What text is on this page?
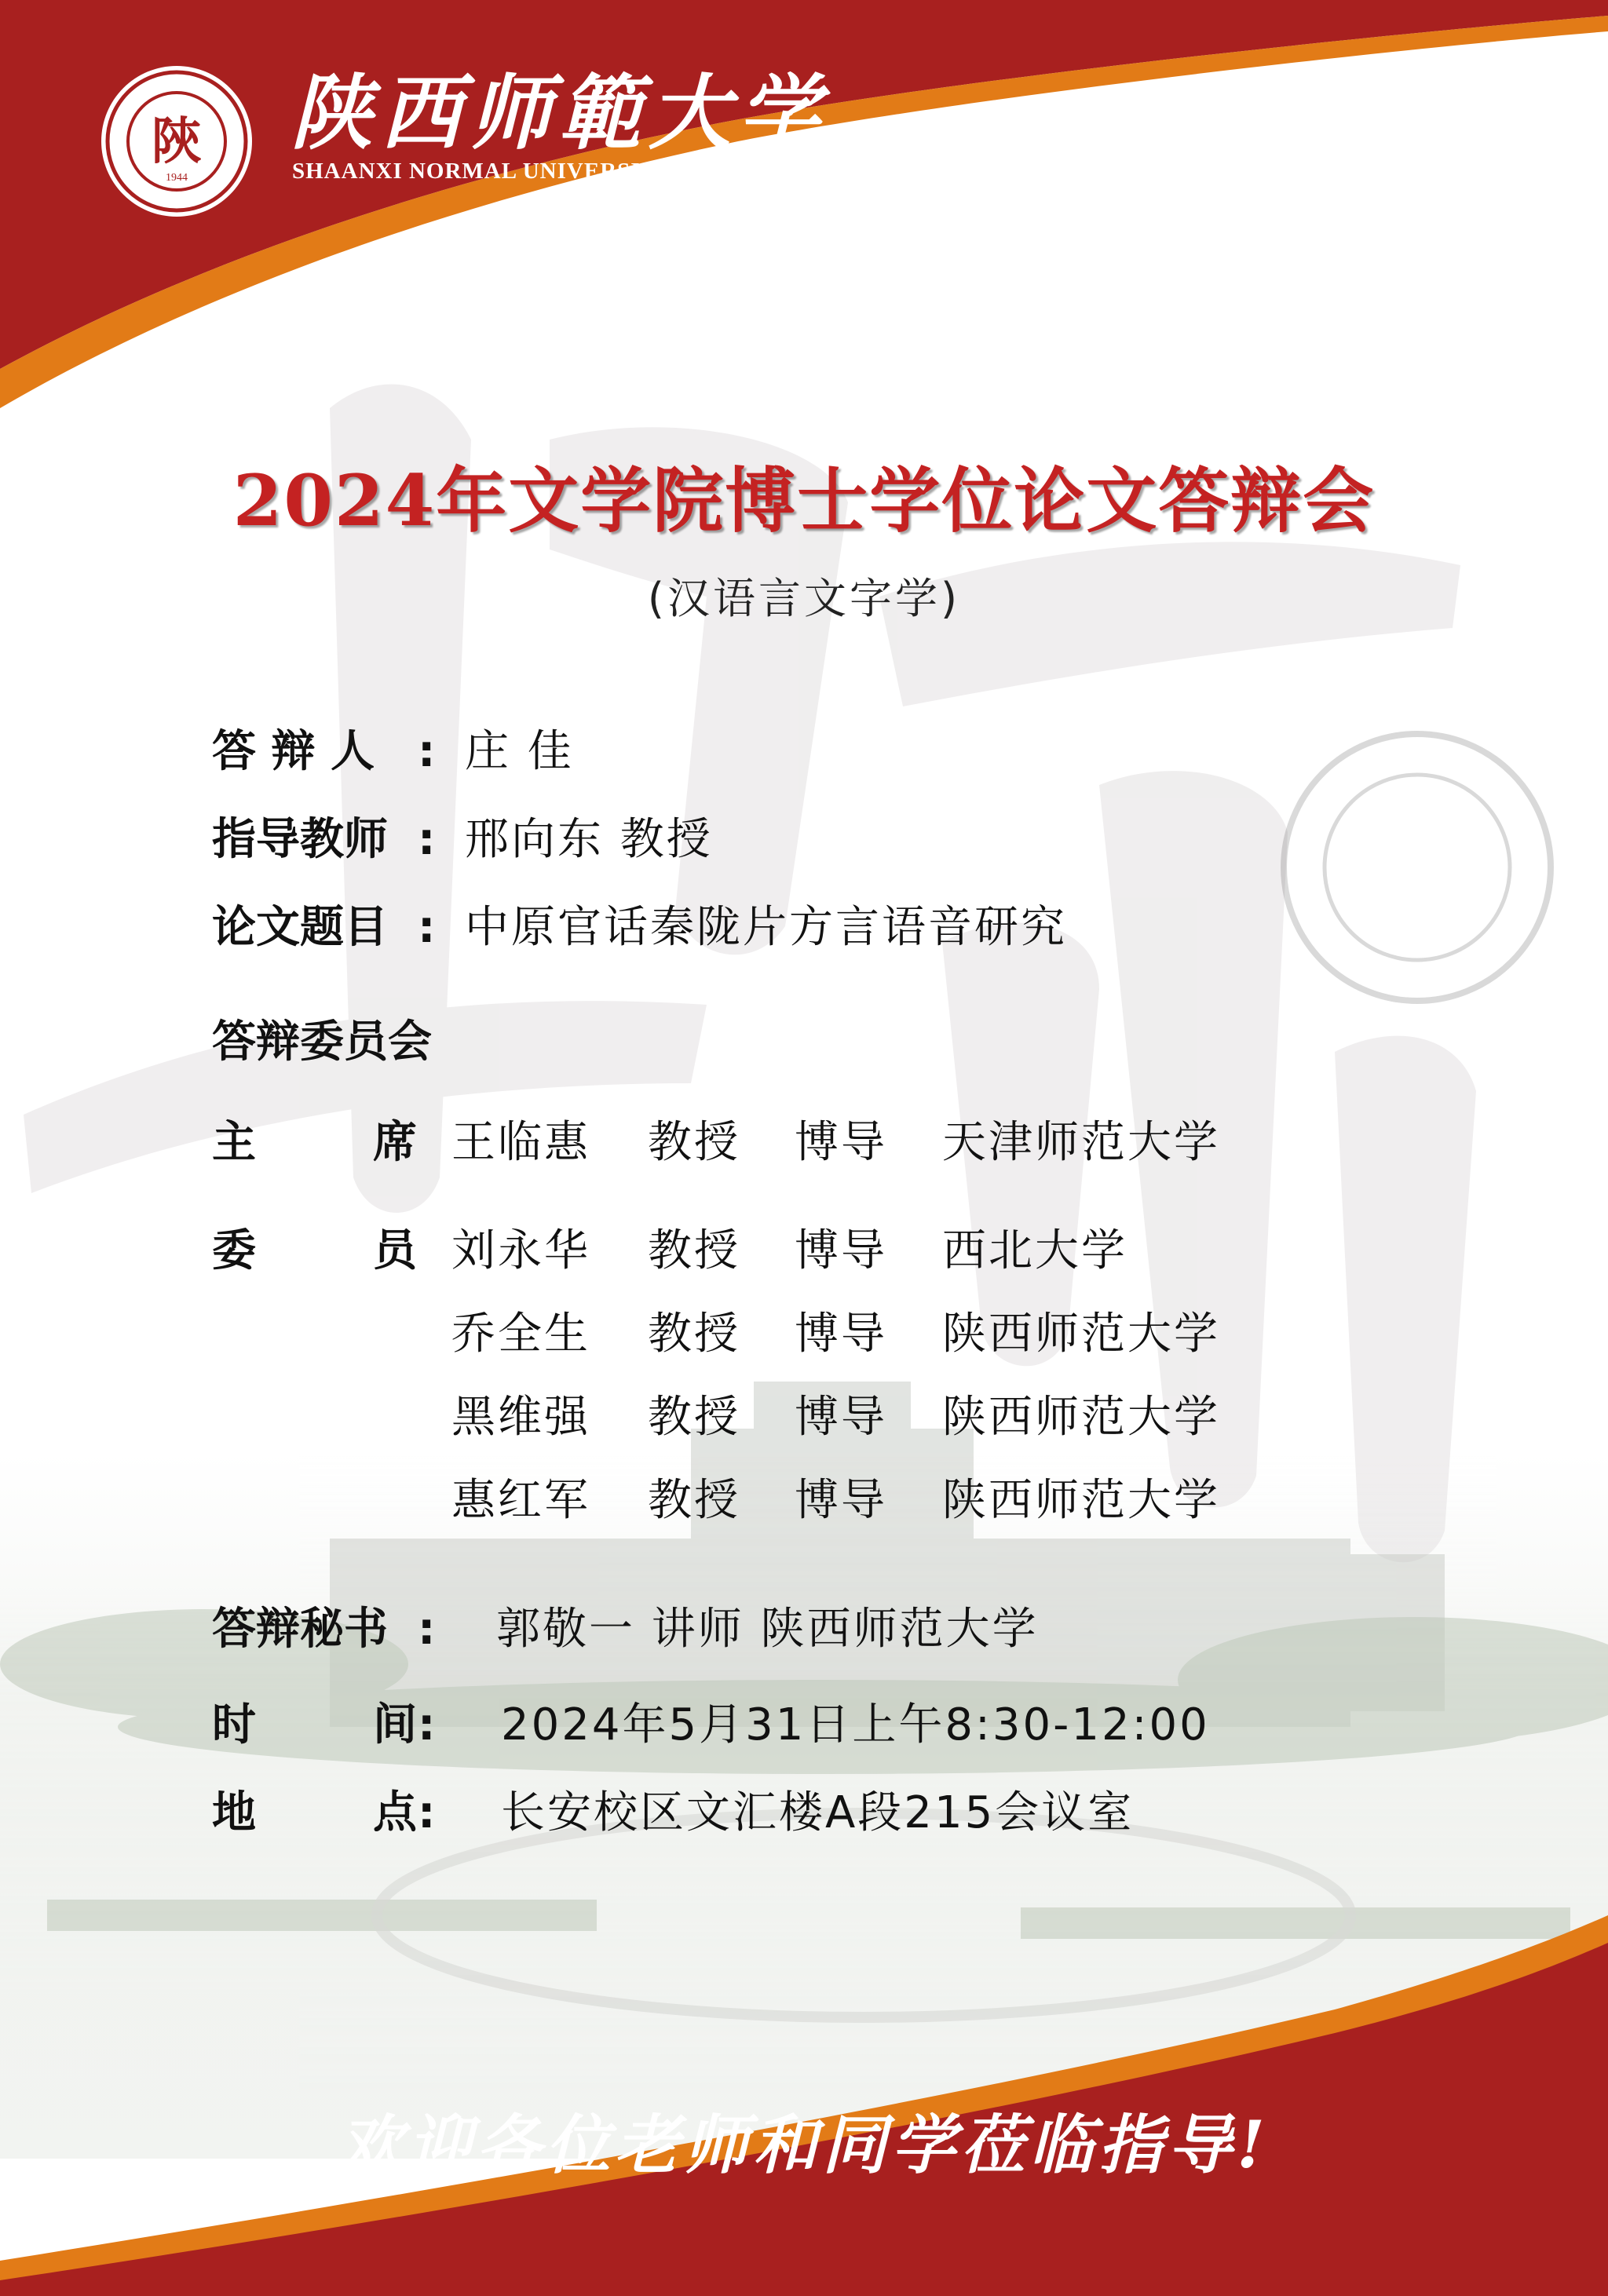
陝
1944
陕西师範大学
SHAANXI NORMAL UNIVERSITY
2024年文学院博士学位论文答辩会
(汉语言文字学)
答 辩 人 : 庄 佳
指导教师 : 邢向东 教授
论文题目 : 中原官话秦陇片方言语音研究
答辩委员会
主	席 王临惠 教授 博导 天津师范大学
委	员 刘永华 教授 博导 西北大学
乔全生 教授 博导 陕西师范大学
黑维强 教授 博导 陕西师范大学
惠红军 教授 博导 陕西师范大学
答辩秘书 : 郭敬一 讲师 陕西师范大学
时	间 : 2024年5月31日上午8:30-12:00
地	点 : 长安校区文汇楼A段215会议室
欢迎各位老师和同学莅临指导!
